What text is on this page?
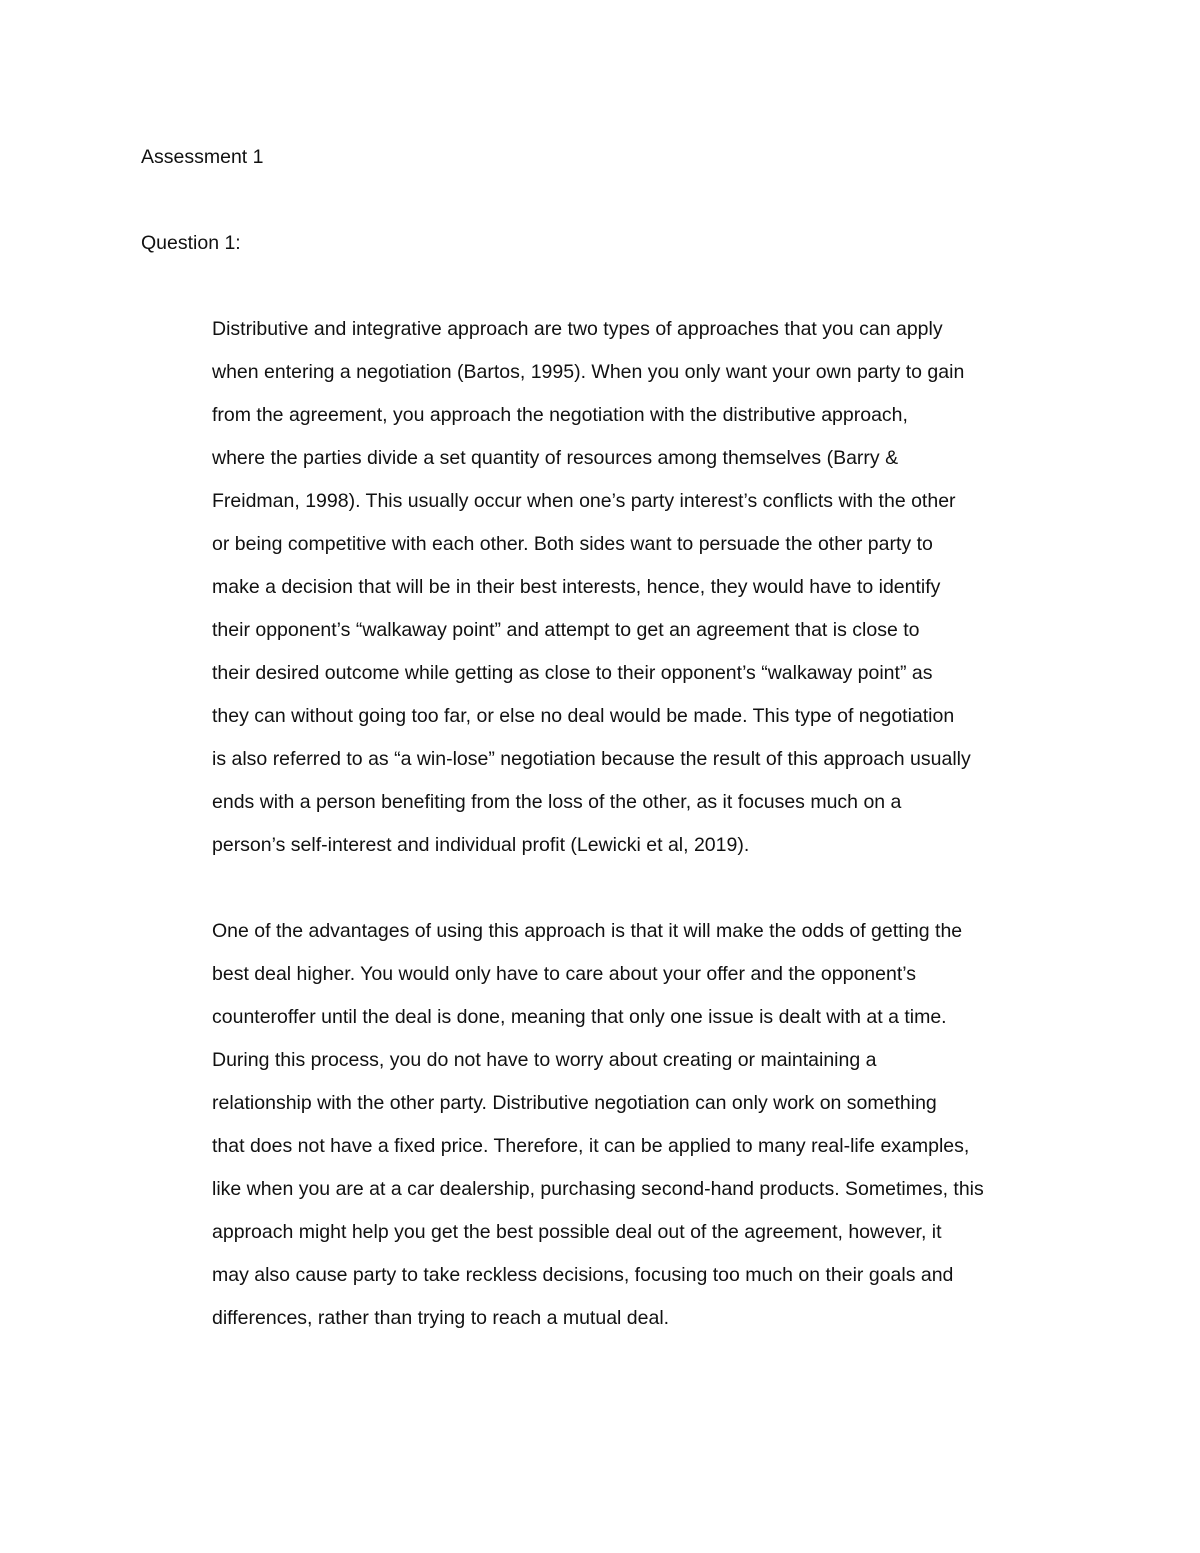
Assessment 1
Question 1:
Distributive and integrative approach are two types of approaches that you can apply
when entering a negotiation (Bartos, 1995). When you only want your own party to gain
from the agreement, you approach the negotiation with the distributive approach,
where the parties divide a set quantity of resources among themselves (Barry &
Freidman, 1998). This usually occur when one’s party interest’s conflicts with the other
or being competitive with each other. Both sides want to persuade the other party to
make a decision that will be in their best interests, hence, they would have to identify
their opponent’s “walkaway point” and attempt to get an agreement that is close to
their desired outcome while getting as close to their opponent’s “walkaway point” as
they can without going too far, or else no deal would be made. This type of negotiation
is also referred to as “a win-lose” negotiation because the result of this approach usually
ends with a person benefiting from the loss of the other, as it focuses much on a
person’s self-interest and individual profit (Lewicki et al, 2019).
One of the advantages of using this approach is that it will make the odds of getting the
best deal higher. You would only have to care about your offer and the opponent’s
counteroffer until the deal is done, meaning that only one issue is dealt with at a time.
During this process, you do not have to worry about creating or maintaining a
relationship with the other party. Distributive negotiation can only work on something
that does not have a fixed price. Therefore, it can be applied to many real-life examples,
like when you are at a car dealership, purchasing second-hand products. Sometimes, this
approach might help you get the best possible deal out of the agreement, however, it
may also cause party to take reckless decisions, focusing too much on their goals and
differences, rather than trying to reach a mutual deal.
